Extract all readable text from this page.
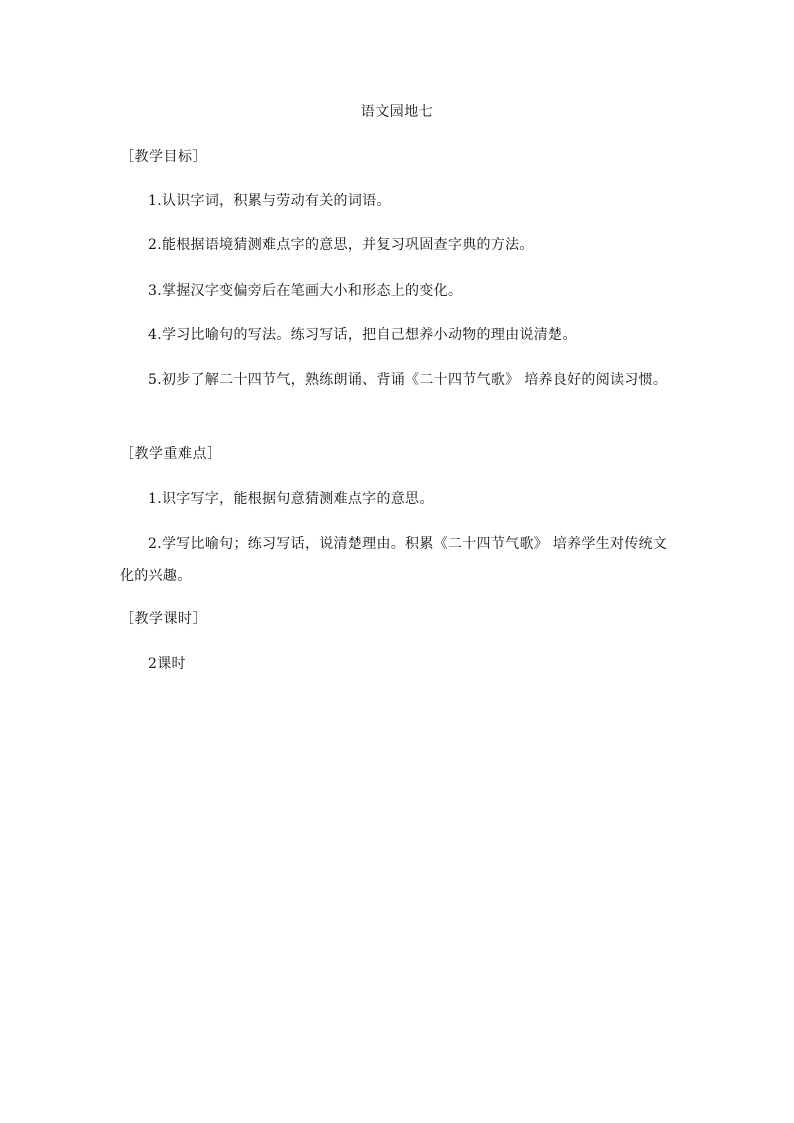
语文园地七
［教学目标］
1.认识字词，积累与劳动有关的词语。
2.能根据语境猜测难点字的意思，并复习巩固查字典的方法。
3.掌握汉字变偏旁后在笔画大小和形态上的变化。
4.学习比喻句的写法。练习写话，把自己想养小动物的理由说清楚。
5.初步了解二十四节气，熟练朗诵、背诵《二十四节气歌》 培养良好的阅读习惯。
［教学重难点］
1.识字写字，能根据句意猜测难点字的意思。
2.学写比喻句；练习写话，说清楚理由。积累《二十四节气歌》 培养学生对传统文化的兴趣。
［教学课时］
2课时
